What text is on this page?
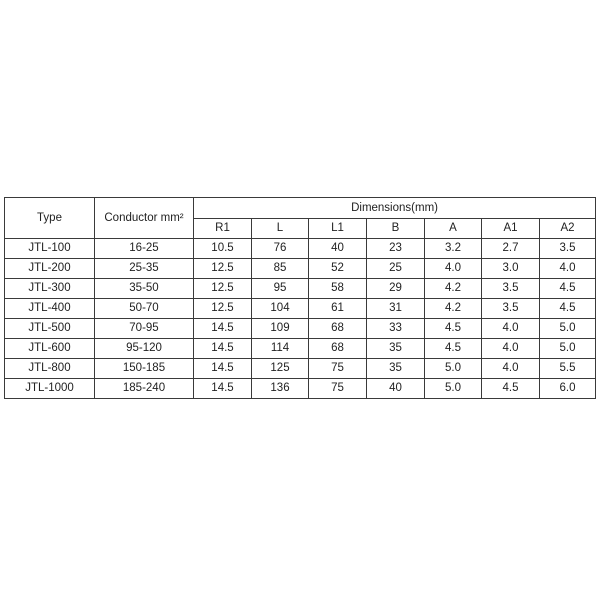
Type	Conductor mm²	Dimensions(mm)						
		R1	L	L1	B	A	A1	A2
JTL-100	16-25	10.5	76	40	23	3.2	2.7	3.5
JTL-200	25-35	12.5	85	52	25	4.0	3.0	4.0
JTL-300	35-50	12.5	95	58	29	4.2	3.5	4.5
JTL-400	50-70	12.5	104	61	31	4.2	3.5	4.5
JTL-500	70-95	14.5	109	68	33	4.5	4.0	5.0
JTL-600	95-120	14.5	114	68	35	4.5	4.0	5.0
JTL-800	150-185	14.5	125	75	35	5.0	4.0	5.5
JTL-1000	185-240	14.5	136	75	40	5.0	4.5	6.0
